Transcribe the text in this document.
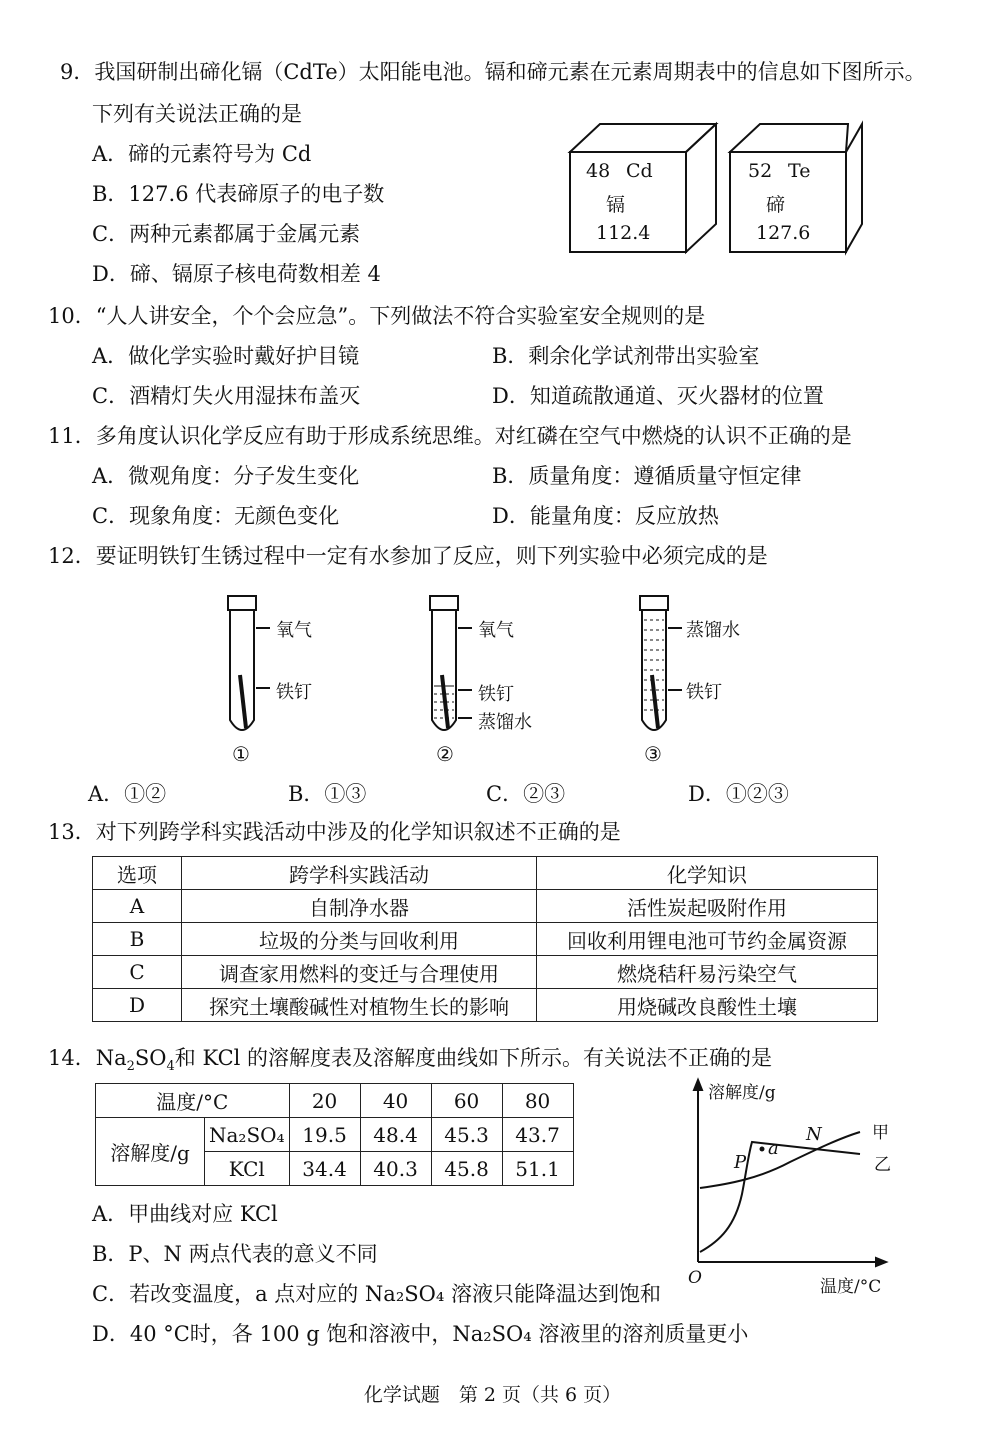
9．我国研制出碲化镉（CdTe）太阳能电池。镉和碲元素在元素周期表中的信息如下图所示。
下列有关说法正确的是
A．碲的元素符号为 Cd
B．127.6 代表碲原子的电子数
C．两种元素都属于金属元素
D．碲、镉原子核电荷数相差 4
48 Cd
镉
112.4
52 Te
碲
127.6
10．“人人讲安全，个个会应急”。下列做法不符合实验室安全规则的是
A．做化学实验时戴好护目镜	B．剩余化学试剂带出实验室
C．酒精灯失火用湿抹布盖灭	D．知道疏散通道、灭火器材的位置
11．多角度认识化学反应有助于形成系统思维。对红磷在空气中燃烧的认识不正确的是
A．微观角度：分子发生变化	B．质量角度：遵循质量守恒定律
C．现象角度：无颜色变化	D．能量角度：反应放热
12．要证明铁钉生锈过程中一定有水参加了反应，则下列实验中必须完成的是
氧气
铁钉
①
氧气
铁钉
蒸馏水
②
蒸馏水
铁钉
③
A．①②	B．①③	C．②③	D．①②③
13．对下列跨学科实践活动中涉及的化学知识叙述不正确的是
选项	跨学科实践活动	化学知识
A	自制净水器	活性炭起吸附作用
B	垃圾的分类与回收利用	回收利用锂电池可节约金属资源
C	调查家用燃料的变迁与合理使用	燃烧秸秆易污染空气
D	探究土壤酸碱性对植物生长的影响	用烧碱改良酸性土壤
14．$Na_2SO_4$和 KCl 的溶解度表及溶解度曲线如下所示。有关说法不正确的是
温度/°C		20	40	60	80
溶解度/g	Na₂SO₄	19.5	48.4	45.3	43.7
	KCl	34.4	40.3	45.8	51.1
溶解度/g
温度/°C
O
甲
乙
P
N
a
A．甲曲线对应 KCl
B．P、N 两点代表的意义不同
C．若改变温度，a 点对应的 Na₂SO₄ 溶液只能降温达到饱和
D．40 °C时，各 100 g 饱和溶液中，Na₂SO₄ 溶液里的溶剂质量更小
化学试题　第 2 页（共 6 页）
